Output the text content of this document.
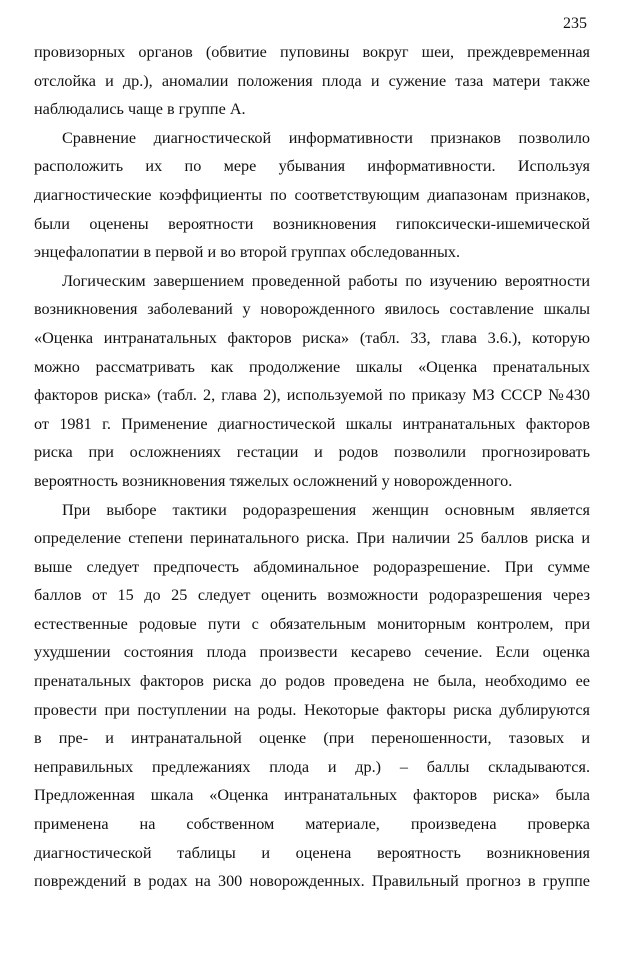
235
провизорных органов (обвитие пуповины вокруг шеи, преждевременная
отслойка и др.), аномалии положения плода и сужение таза матери также
наблюдались чаще в группе А.
Сравнение диагностической информативности признаков позволило
расположить их по мере убывания информативности. Используя
диагностические коэффициенты по соответствующим диапазонам признаков,
были оценены вероятности возникновения гипоксически-ишемической
энцефалопатии в первой и во второй группах обследованных.
Логическим завершением проведенной работы по изучению вероятности
возникновения заболеваний у новорожденного явилось составление шкалы
«Оценка интранатальных факторов риска» (табл. 33, глава 3.6.), которую
можно рассматривать как продолжение шкалы «Оценка пренатальных
факторов риска» (табл. 2, глава 2), используемой по приказу МЗ СССР №430
от 1981 г. Применение диагностической шкалы интранатальных факторов
риска при осложнениях гестации и родов позволили прогнозировать
вероятность возникновения тяжелых осложнений у новорожденного.
При выборе тактики родоразрешения женщин основным является
определение степени перинатального риска. При наличии 25 баллов риска и
выше следует предпочесть абдоминальное родоразрешение. При сумме
баллов от 15 до 25 следует оценить возможности родоразрешения через
естественные родовые пути с обязательным мониторным контролем, при
ухудшении состояния плода произвести кесарево сечение. Если оценка
пренатальных факторов риска до родов проведена не была, необходимо ее
провести при поступлении на роды. Некоторые факторы риска дублируются
в пре- и интранатальной оценке (при переношенности, тазовых и
неправильных предлежаниях плода и др.) – баллы складываются.
Предложенная шкала «Оценка интранатальных факторов риска» была
применена на собственном материале, произведена проверка
диагностической таблицы и оценена вероятность возникновения
повреждений в родах на 300 новорожденных. Правильный прогноз в группе
